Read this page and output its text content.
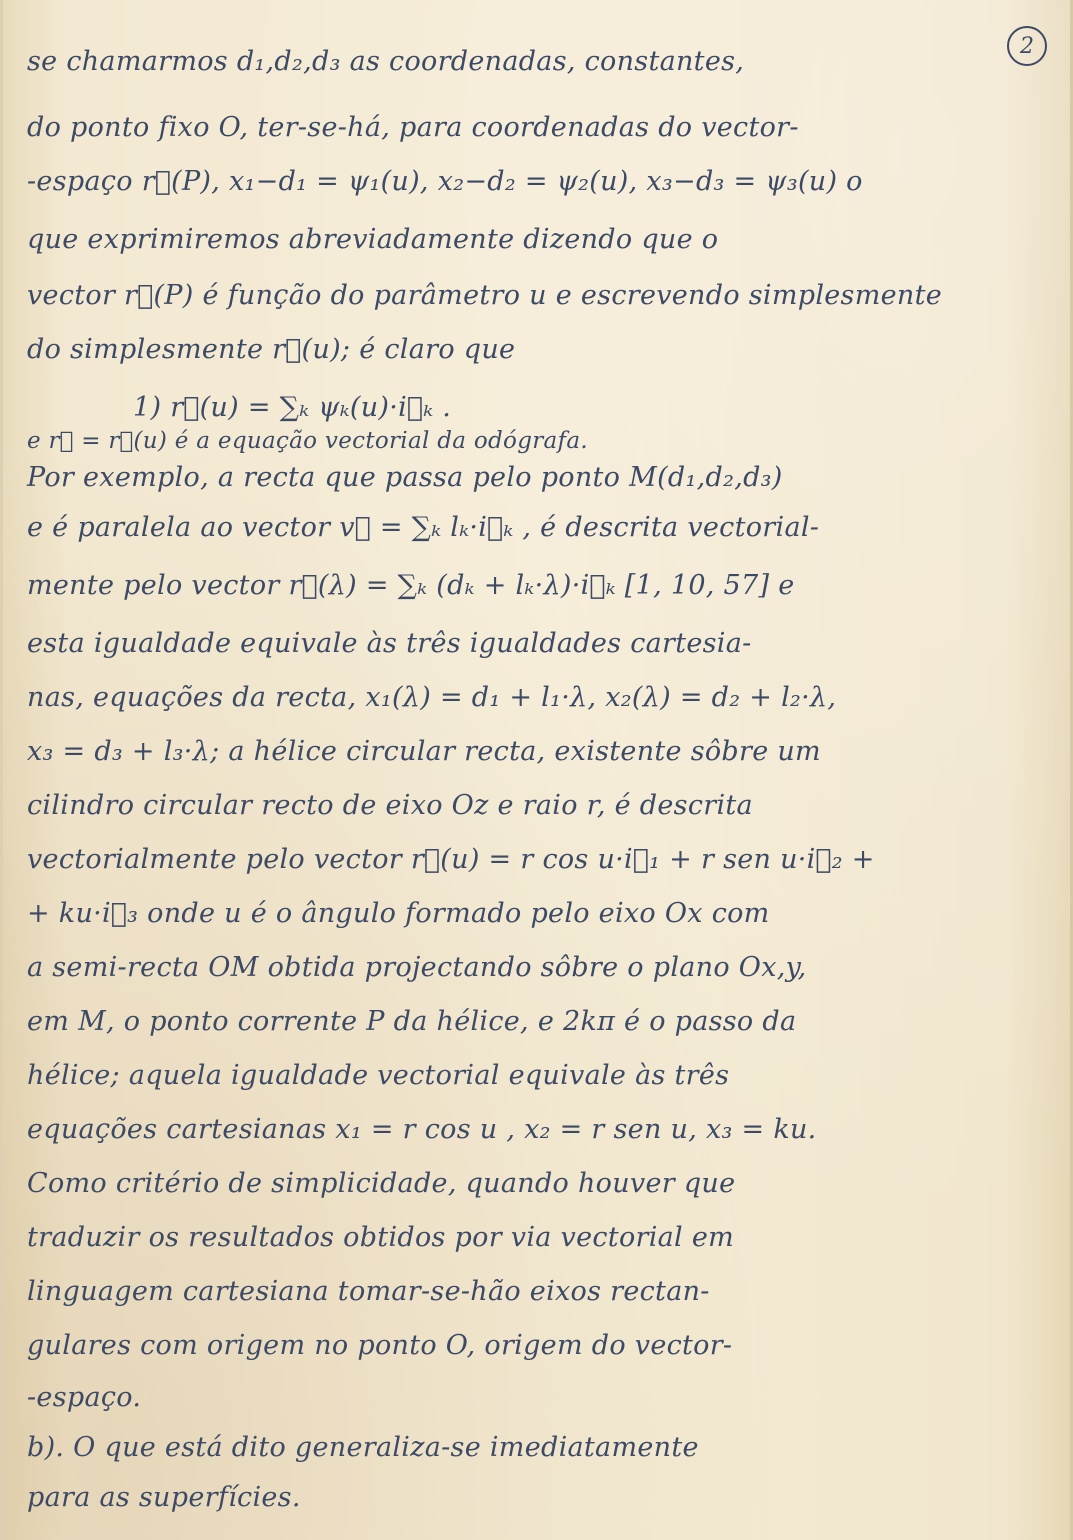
2
se chamarmos d₁,d₂,d₃ as coordenadas, constantes,
do ponto fixo O, ter-se-há, para coordenadas do vector-
-espaço r⃗(P), x₁−d₁ = ψ₁(u), x₂−d₂ = ψ₂(u), x₃−d₃ = ψ₃(u) o
que exprimiremos abreviadamente dizendo que o
vector r⃗(P) é função do parâmetro u e escrevendo simplesmente
do simplesmente r⃗(u); é claro que
1) r⃗(u) = ∑ₖ ψₖ(u)·i⃗ₖ .
e r⃗ = r⃗(u) é a equação vectorial da odógrafa.
Por exemplo, a recta que passa pelo ponto M(d₁,d₂,d₃)
e é paralela ao vector v⃗ = ∑ₖ lₖ·i⃗ₖ , é descrita vectorial-
mente pelo vector r⃗(λ) = ∑ₖ (dₖ + lₖ·λ)·i⃗ₖ [1, 10, 57] e
esta igualdade equivale às três igualdades cartesia-
nas, equações da recta, x₁(λ) = d₁ + l₁·λ, x₂(λ) = d₂ + l₂·λ,
x₃ = d₃ + l₃·λ; a hélice circular recta, existente sôbre um
cilindro circular recto de eixo Oz e raio r, é descrita
vectorialmente pelo vector r⃗(u) = r cos u·i⃗₁ + r sen u·i⃗₂ +
+ ku·i⃗₃ onde u é o ângulo formado pelo eixo Ox com
a semi-recta OM obtida projectando sôbre o plano Ox,y,
em M, o ponto corrente P da hélice, e 2kπ é o passo da
hélice; aquela igualdade vectorial equivale às três
equações cartesianas x₁ = r cos u , x₂ = r sen u, x₃ = ku.
Como critério de simplicidade, quando houver que
traduzir os resultados obtidos por via vectorial em
linguagem cartesiana tomar-se-hão eixos rectan-
gulares com origem no ponto O, origem do vector-
-espaço.
b). O que está dito generaliza-se imediatamente
para as superfícies.
